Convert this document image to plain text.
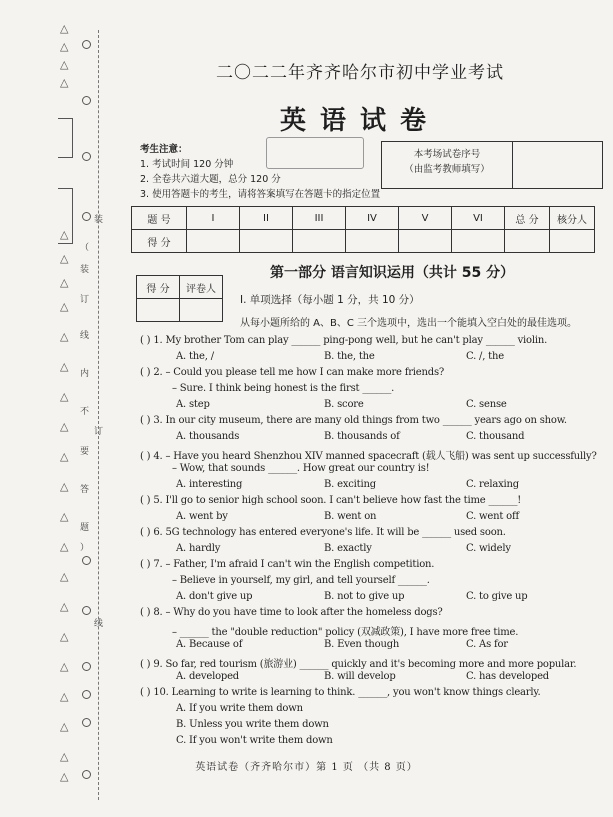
△
△
△
△
△
△
△
△
△
△
△
△
△
△
△
△
△
△
△
△
△
△
△
△
装
（
装
订
线
内
不
订
要
答
题
）
线
二〇二二年齐齐哈尔市初中学业考试
英语试卷
考生注意：
1. 考试时间 120 分钟
2. 全卷共六道大题，总分 120 分
3. 使用答题卡的考生，请将答案填写在答题卡的指定位置
本考场试卷序号
（由监考教师填写）
题 号	I	II	III	IV	V	VI	总 分	核分人
得 分								
第一部分 语言知识运用（共计 55 分）
得 分	评卷人

I. 单项选择（每小题 1 分，共 10 分）
从每小题所给的 A、B、C 三个选项中，选出一个能填入空白处的最佳选项。
( ) 1. My brother Tom can play ______ ping-pong well, but he can't play ______ violin.
A. the, /	B. the, the	C. /, the
( ) 2. – Could you please tell me how I can make more friends?
– Sure. I think being honest is the first ______.
A. step	B. score	C. sense
( ) 3. In our city museum, there are many old things from two ______ years ago on show.
A. thousands	B. thousands of	C. thousand
( ) 4. – Have you heard Shenzhou XIV manned spacecraft (载人飞船) was sent up successfully?
– Wow, that sounds ______. How great our country is!
A. interesting	B. exciting	C. relaxing
( ) 5. I'll go to senior high school soon. I can't believe how fast the time ______!
A. went by	B. went on	C. went off
( ) 6. 5G technology has entered everyone's life. It will be ______ used soon.
A. hardly	B. exactly	C. widely
( ) 7. – Father, I'm afraid I can't win the English competition.
– Believe in yourself, my girl, and tell yourself ______.
A. don't give up	B. not to give up	C. to give up
( ) 8. – Why do you have time to look after the homeless dogs?
– ______ the "double reduction" policy (双减政策), I have more free time.
A. Because of	B. Even though	C. As for
( ) 9. So far, red tourism (旅游业) ______ quickly and it's becoming more and more popular.
A. developed	B. will develop	C. has developed
( ) 10. Learning to write is learning to think. ______, you won't know things clearly.
A. If you write them down
B. Unless you write them down
C. If you won't write them down
英语试卷（齐齐哈尔市）第 1 页 （共 8 页）
